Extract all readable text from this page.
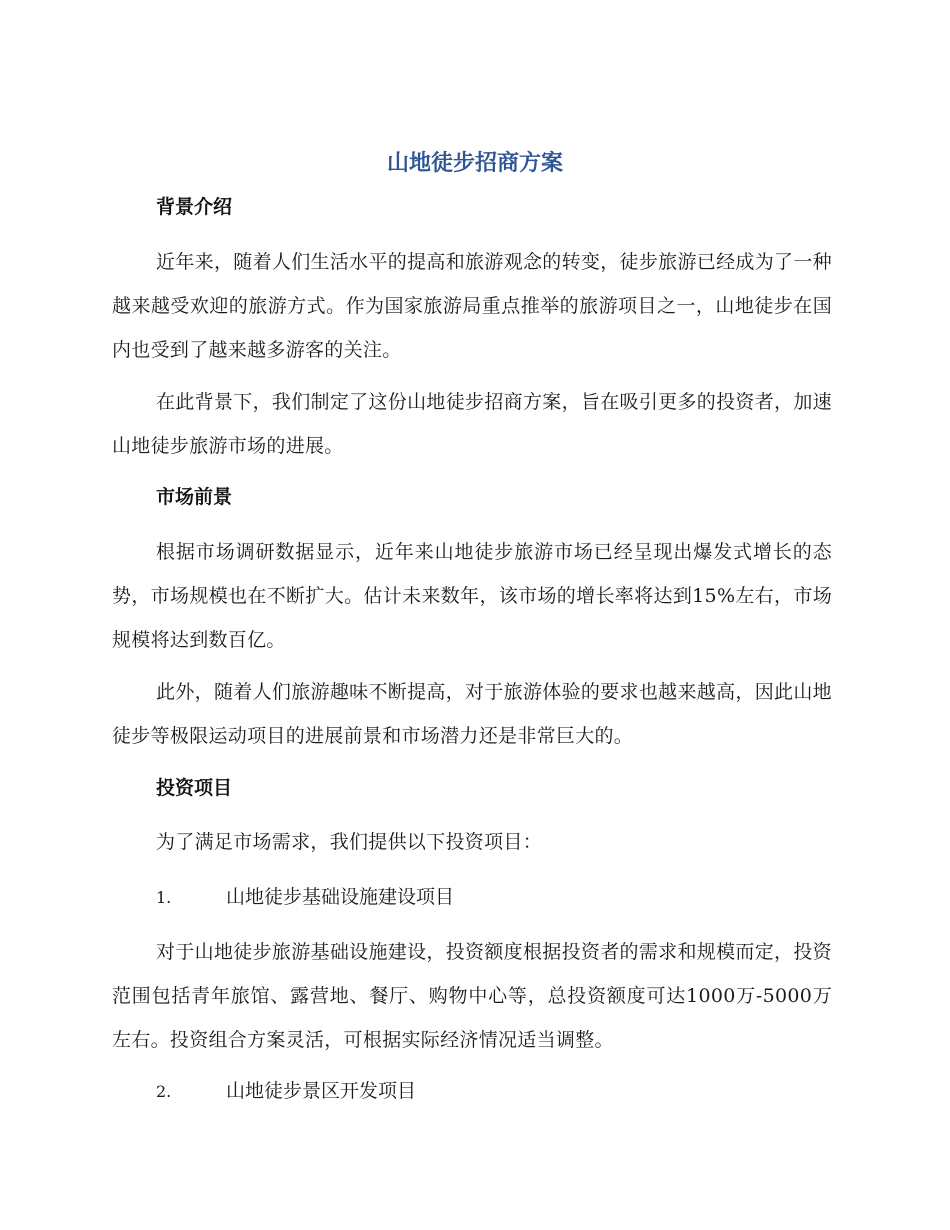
山地徒步招商方案
背景介绍
近年来，随着人们生活水平的提高和旅游观念的转变，徒步旅游已经成为了一种越来越受欢迎的旅游方式。作为国家旅游局重点推举的旅游项目之一，山地徒步在国内也受到了越来越多游客的关注。
在此背景下，我们制定了这份山地徒步招商方案，旨在吸引更多的投资者，加速山地徒步旅游市场的进展。
市场前景
根据市场调研数据显示，近年来山地徒步旅游市场已经呈现出爆发式增长的态势，市场规模也在不断扩大。估计未来数年，该市场的增长率将达到15%左右，市场规模将达到数百亿。
此外，随着人们旅游趣味不断提高，对于旅游体验的要求也越来越高，因此山地徒步等极限运动项目的进展前景和市场潜力还是非常巨大的。
投资项目
为了满足市场需求，我们提供以下投资项目：
1.	山地徒步基础设施建设项目
对于山地徒步旅游基础设施建设，投资额度根据投资者的需求和规模而定，投资范围包括青年旅馆、露营地、餐厅、购物中心等，总投资额度可达1000万-5000万左右。投资组合方案灵活，可根据实际经济情况适当调整。
2.	山地徒步景区开发项目
